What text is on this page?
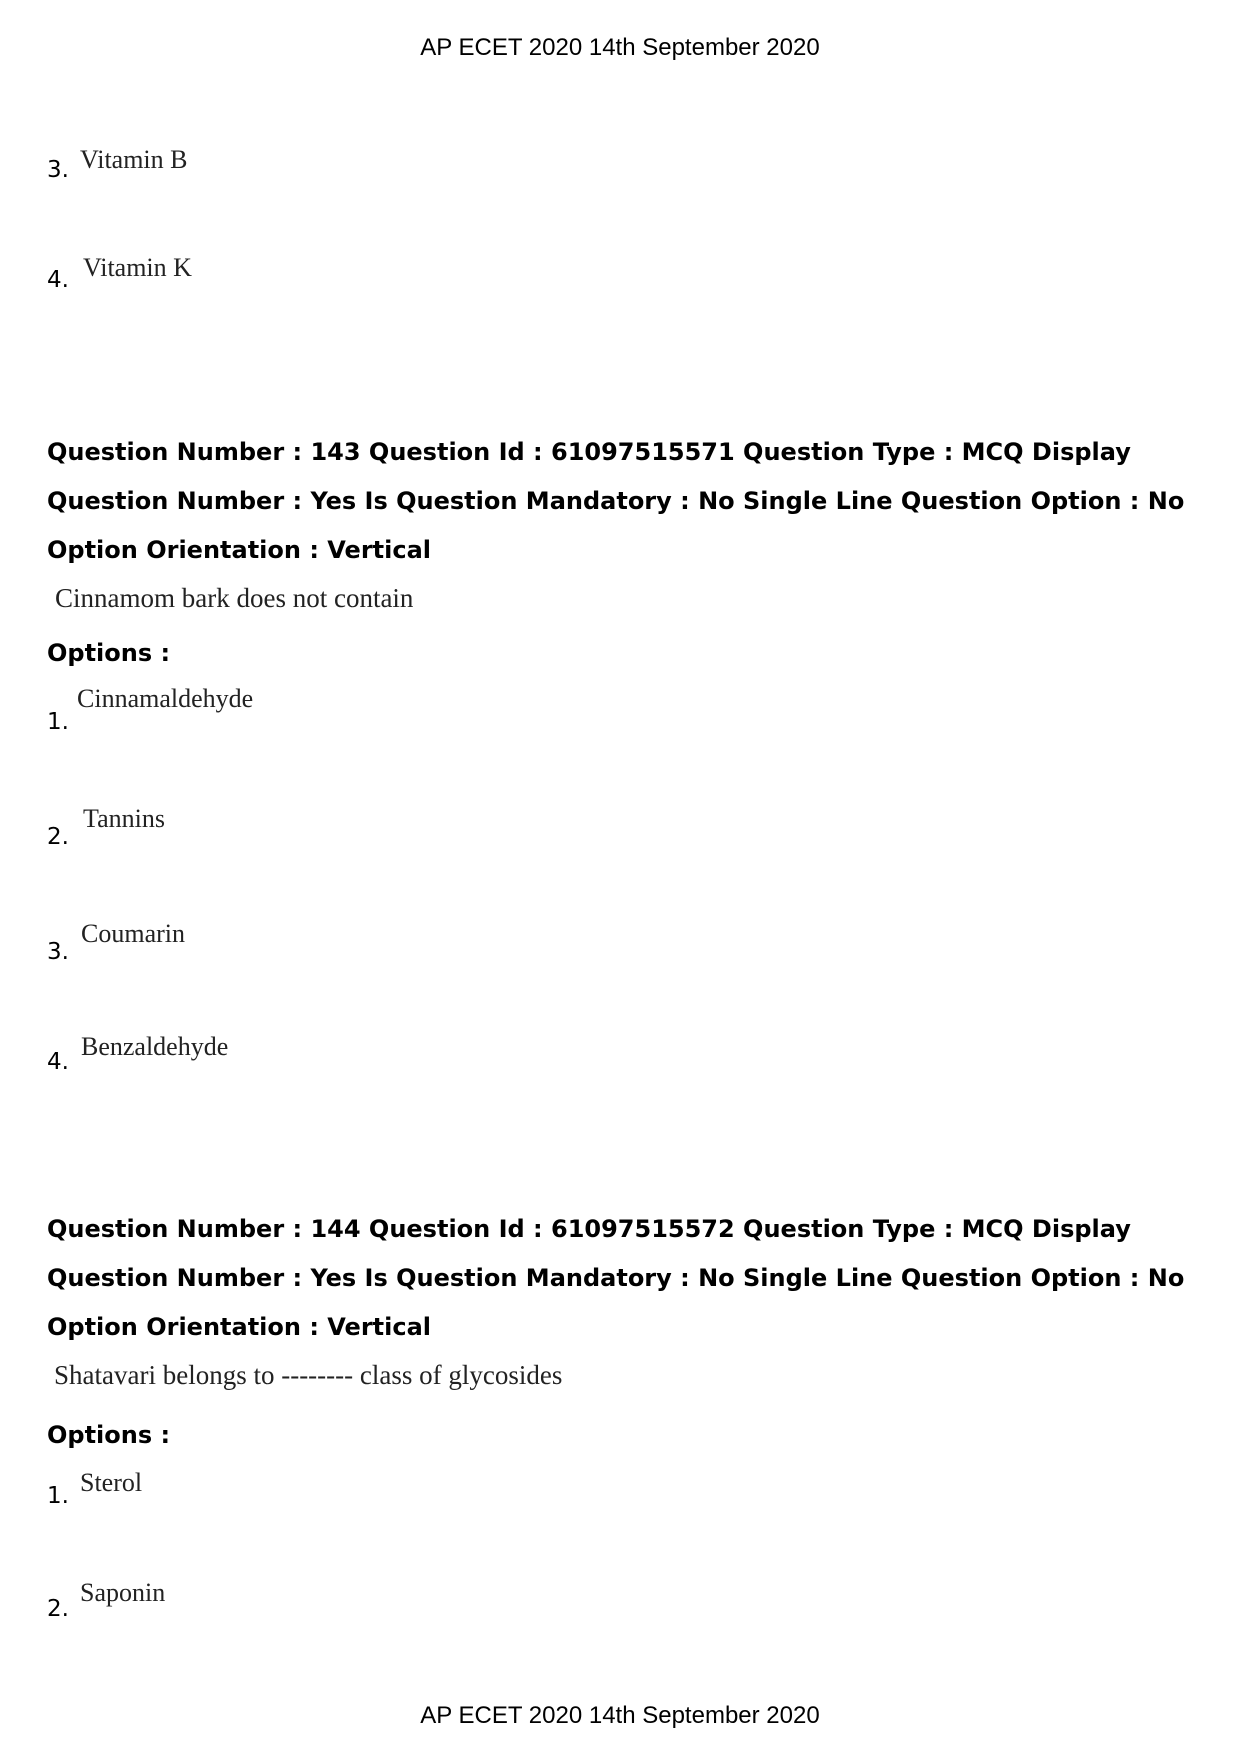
AP ECET 2020 14th September 2020
3. Vitamin B
4. Vitamin K
Question Number : 143 Question Id : 61097515571 Question Type : MCQ Display Question Number : Yes Is Question Mandatory : No Single Line Question Option : No Option Orientation : Vertical
Cinnamom bark does not contain
Options :
1.
Cinnamaldehyde
2.
Tannins
3.
Coumarin
4.
Benzaldehyde
Question Number : 144 Question Id : 61097515572 Question Type : MCQ Display Question Number : Yes Is Question Mandatory : No Single Line Question Option : No Option Orientation : Vertical
Shatavari belongs to -------- class of glycosides
Options :
1. Sterol
2.
Saponin
AP ECET 2020 14th September 2020
